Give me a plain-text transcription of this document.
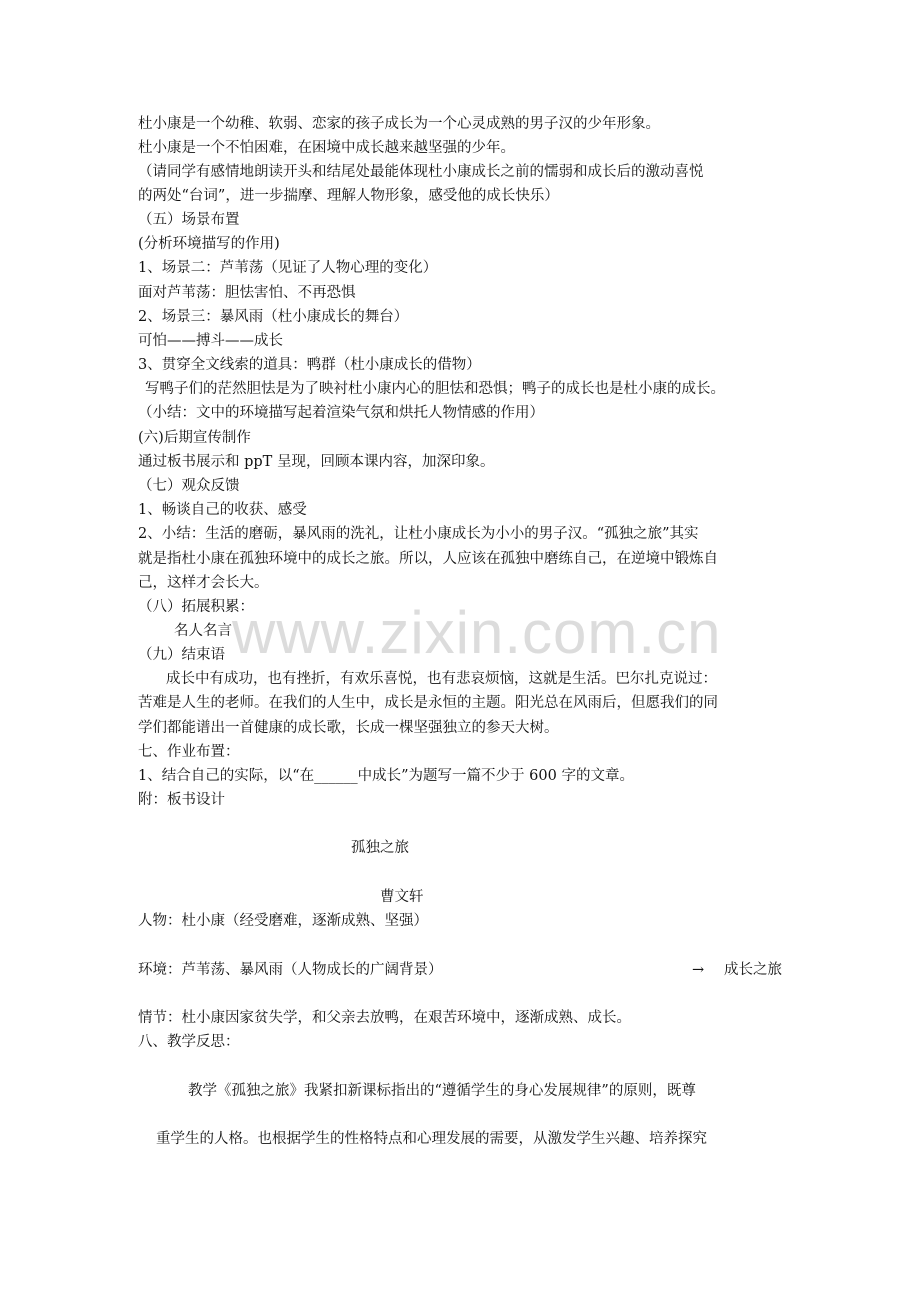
www.zixin.com.cn
杜小康是一个幼稚、软弱、恋家的孩子成长为一个心灵成熟的男子汉的少年形象。
杜小康是一个不怕困难，在困境中成长越来越坚强的少年。
（请同学有感情地朗读开头和结尾处最能体现杜小康成长之前的懦弱和成长后的激动喜悦
的两处“台词”，进一步揣摩、理解人物形象，感受他的成长快乐）
（五）场景布置
(分析环境描写的作用)
1、场景二：芦苇荡（见证了人物心理的变化）
面对芦苇荡：胆怯害怕、不再恐惧
2、场景三：暴风雨（杜小康成长的舞台）
可怕——搏斗——成长
3、贯穿全文线索的道具：鸭群（杜小康成长的借物）
写鸭子们的茫然胆怯是为了映衬杜小康内心的胆怯和恐惧；鸭子的成长也是杜小康的成长。
（小结：文中的环境描写起着渲染气氛和烘托人物情感的作用）
(六)后期宣传制作
通过板书展示和 ppT 呈现，回顾本课内容，加深印象。
（七）观众反馈
1、畅谈自己的收获、感受
2、小结：生活的磨砺，暴风雨的洗礼，让杜小康成长为小小的男子汉。“孤独之旅”其实
就是指杜小康在孤独环境中的成长之旅。所以，人应该在孤独中磨练自己，在逆境中锻炼自
己，这样才会长大。
（八）拓展积累：
名人名言
（九）结束语
成长中有成功，也有挫折，有欢乐喜悦，也有悲哀烦恼，这就是生活。巴尔扎克说过：
苦难是人生的老师。在我们的人生中，成长是永恒的主题。阳光总在风雨后，但愿我们的同
学们都能谱出一首健康的成长歌，长成一棵坚强独立的参天大树。
七、作业布置：
1、结合自己的实际，以“在______中成长”为题写一篇不少于 600 字的文章。
附：板书设计
孤独之旅
曹文轩
人物：杜小康（经受磨难，逐渐成熟、坚强）
环境：芦苇荡、暴风雨（人物成长的广阔背景）	→ 成长之旅
情节：杜小康因家贫失学，和父亲去放鸭，在艰苦环境中，逐渐成熟、成长。
八、教学反思：
教学《孤独之旅》我紧扣新课标指出的“遵循学生的身心发展规律”的原则，既尊
重学生的人格。也根据学生的性格特点和心理发展的需要，从激发学生兴趣、培养探究
